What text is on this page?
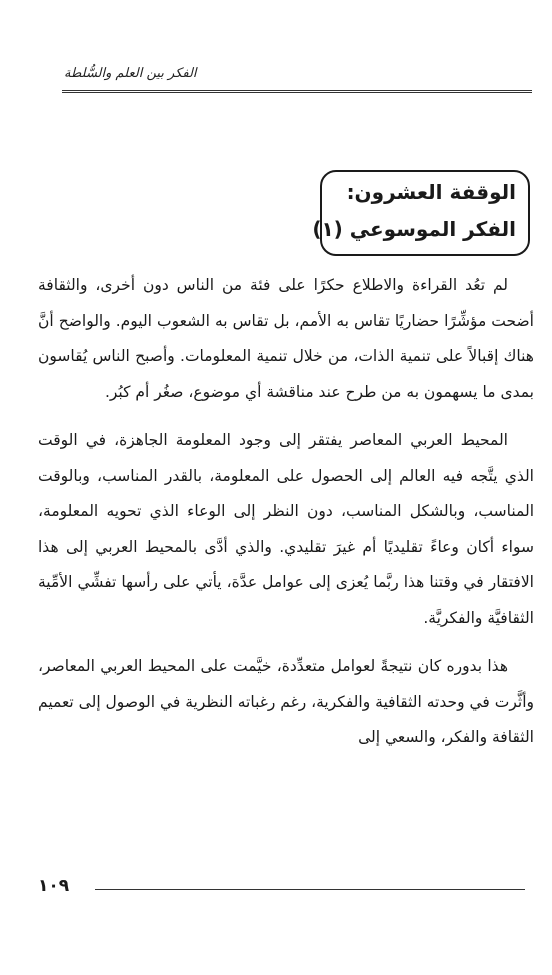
الفكر بين العلم والسُّلطة
الوقفة العشرون:
الفكر الموسوعي (١)

لم تعُد القراءة والاطلاع حكرًا على فئة من الناس دون أخرى، والثقافة أضحت مؤشِّرًا حضاريًا تقاس به الأمم، بل تقاس به الشعوب اليوم. والواضح أنَّ هناك إقبالاً على تنمية الذات، من خلال تنمية المعلومات. وأصبح الناس يُقاسون بمدى ما يسهمون به من طرح عند مناقشة أي موضوع، صغُر أم كبُر.

المحيط العربي المعاصر يفتقر إلى وجود المعلومة الجاهزة، في الوقت الذي يتَّجه فيه العالم إلى الحصول على المعلومة، بالقدر المناسب، وبالوقت المناسب، وبالشكل المناسب، دون النظر إلى الوعاء الذي تحويه المعلومة، سواء أكان وعاءً تقليديًا أم غيرَ تقليدي. والذي أدَّى بالمحيط العربي إلى هذا الافتقار في وقتنا هذا ربَّما يُعزى إلى عوامل عدَّة، يأتي على رأسها تفشِّي الأمِّية الثقافيَّة والفكريَّة.

هذا بدوره كان نتيجةً لعوامل متعدِّدة، خيَّمت على المحيط العربي المعاصر، وأثَّرت في وحدته الثقافية والفكرية، رغم رغباته النظرية في الوصول إلى تعميم الثقافة والفكر، والسعي إلى

١٠٩
